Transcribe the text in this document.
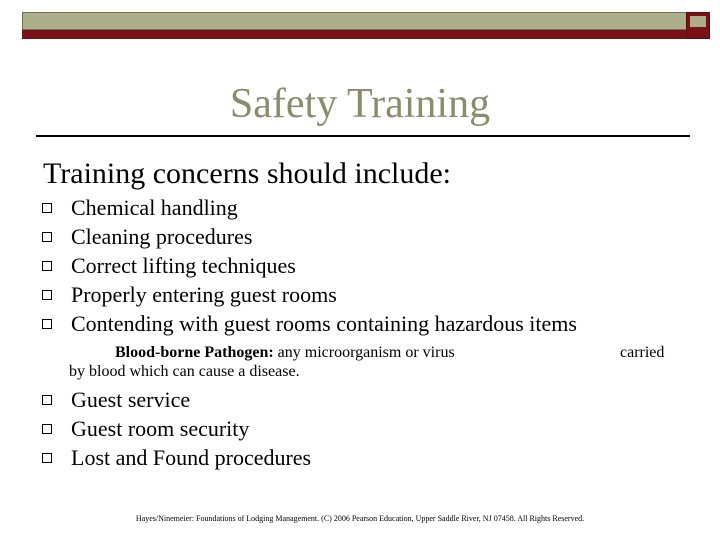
Safety Training
Training concerns should include:
Chemical handling
Cleaning procedures
Correct lifting techniques
Properly entering guest rooms
Contending with guest rooms containing hazardous items
Blood-borne Pathogen: any microorganism or virus	carried

by blood which can cause a disease.
Guest service
Guest room security
Lost and Found procedures
Hayes/Ninemeier: Foundations of Lodging Management. (C) 2006 Pearson Education, Upper Saddle River, NJ 07458. All Rights Reserved.
